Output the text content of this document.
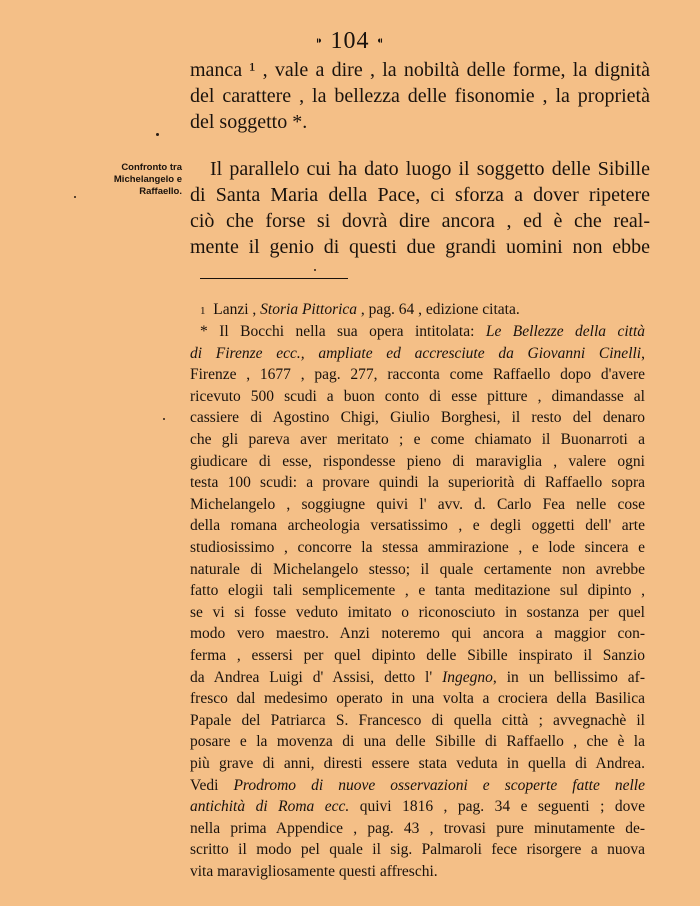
⁍ 104 ⁌
manca ¹ , vale a dire , la nobiltà delle forme, la dignità
del carattere , la bellezza delle fisonomie , la proprietà
del soggetto *.
Il parallelo cui ha dato luogo il soggetto delle Sibille
di Santa Maria della Pace, ci sforza a dover ripetere
ciò che forse si dovrà dire ancora , ed è che real-
mente il genio di questi due grandi uomini non ebbe
Confronto tra
Michelangelo e
Raffaello.
1 Lanzi , Storia Pittorica , pag. 64 , edizione citata.
* Il Bocchi nella sua opera intitolata: Le Bellezze della città
di Firenze ecc., ampliate ed accresciute da Giovanni Cinelli,
Firenze , 1677 , pag. 277, racconta come Raffaello dopo d'avere
ricevuto 500 scudi a buon conto di esse pitture , dimandasse al
cassiere di Agostino Chigi, Giulio Borghesi, il resto del denaro
che gli pareva aver meritato ; e come chiamato il Buonarroti a
giudicare di esse, rispondesse pieno di maraviglia , valere ogni
testa 100 scudi: a provare quindi la superiorità di Raffaello sopra
Michelangelo , soggiugne quivi l' avv. d. Carlo Fea nelle cose
della romana archeologia versatissimo , e degli oggetti dell' arte
studiosissimo , concorre la stessa ammirazione , e lode sincera e
naturale di Michelangelo stesso; il quale certamente non avrebbe
fatto elogii tali semplicemente , e tanta meditazione sul dipinto ,
se vi si fosse veduto imitato o riconosciuto in sostanza per quel
modo vero maestro. Anzi noteremo qui ancora a maggior con-
ferma , essersi per quel dipinto delle Sibille inspirato il Sanzio
da Andrea Luigi d' Assisi, detto l' Ingegno, in un bellissimo af-
fresco dal medesimo operato in una volta a crociera della Basilica
Papale del Patriarca S. Francesco di quella città ; avvegnachè il
posare e la movenza di una delle Sibille di Raffaello , che è la
più grave di anni, diresti essere stata veduta in quella di Andrea.
Vedi Prodromo di nuove osservazioni e scoperte fatte nelle
antichità di Roma ecc. quivi 1816 , pag. 34 e seguenti ; dove
nella prima Appendice , pag. 43 , trovasi pure minutamente de-
scritto il modo pel quale il sig. Palmaroli fece risorgere a nuova
vita maravigliosamente questi affreschi.
